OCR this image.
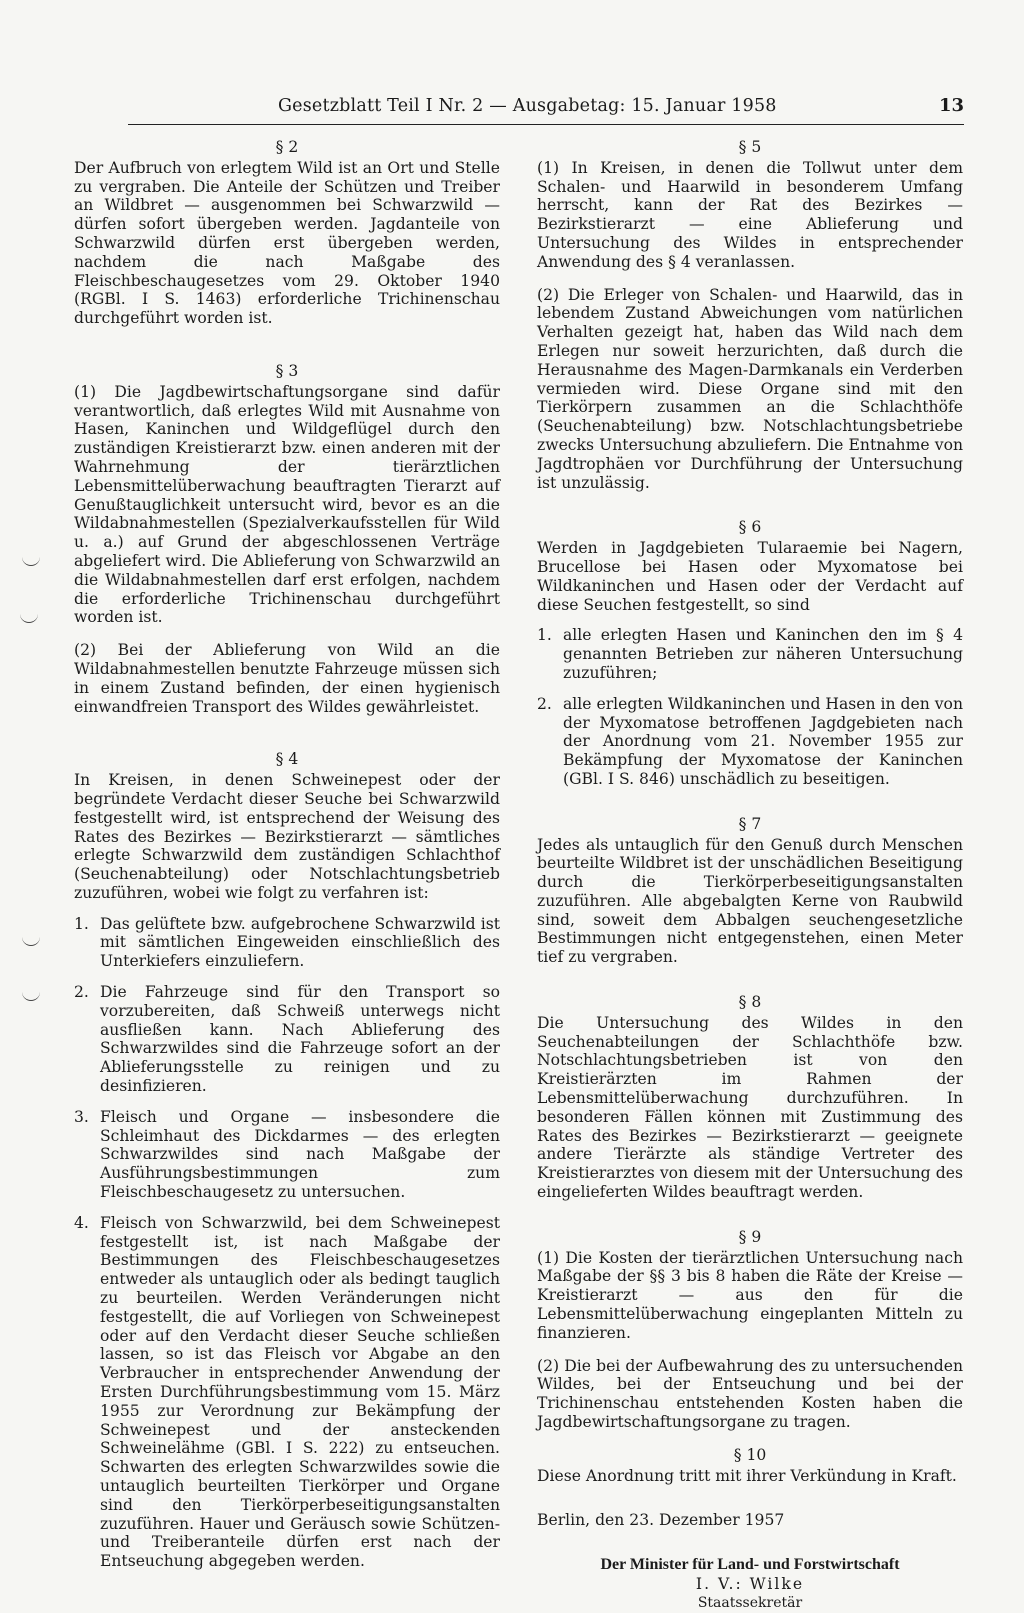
Gesetzblatt Teil I Nr. 2 — Ausgabetag: 15. Januar 1958	13
§ 2

Der Aufbruch von erlegtem Wild ist an Ort und Stelle zu vergraben. Die Anteile der Schützen und Treiber an Wildbret — ausgenommen bei Schwarzwild — dürfen sofort übergeben werden. Jagdanteile von Schwarzwild dürfen erst übergeben werden, nachdem die nach Maßgabe des Fleischbeschaugesetzes vom 29. Oktober 1940 (RGBl. I S. 1463) erforderliche Trichinenschau durchgeführt worden ist.

§ 3

(1) Die Jagdbewirtschaftungsorgane sind dafür verantwortlich, daß erlegtes Wild mit Ausnahme von Hasen, Kaninchen und Wildgeflügel durch den zuständigen Kreistierarzt bzw. einen anderen mit der Wahrnehmung der tierärztlichen Lebensmittelüberwachung beauftragten Tierarzt auf Genußtauglichkeit untersucht wird, bevor es an die Wildabnahmestellen (Spezialverkaufsstellen für Wild u. a.) auf Grund der abgeschlossenen Verträge abgeliefert wird. Die Ablieferung von Schwarzwild an die Wildabnahmestellen darf erst erfolgen, nachdem die erforderliche Trichinenschau durchgeführt worden ist.

(2) Bei der Ablieferung von Wild an die Wildabnahmestellen benutzte Fahrzeuge müssen sich in einem Zustand befinden, der einen hygienisch einwandfreien Transport des Wildes gewährleistet.

§ 4

In Kreisen, in denen Schweinepest oder der begründete Verdacht dieser Seuche bei Schwarzwild festgestellt wird, ist entsprechend der Weisung des Rates des Bezirkes — Bezirkstierarzt — sämtliches erlegte Schwarzwild dem zuständigen Schlachthof (Seuchenabteilung) oder Notschlachtungsbetrieb zuzuführen, wobei wie folgt zu verfahren ist:

1. Das gelüftete bzw. aufgebrochene Schwarzwild ist mit sämtlichen Eingeweiden einschließlich des Unterkiefers einzuliefern.
2. Die Fahrzeuge sind für den Transport so vorzubereiten, daß Schweiß unterwegs nicht ausfließen kann. Nach Ablieferung des Schwarzwildes sind die Fahrzeuge sofort an der Ablieferungsstelle zu reinigen und zu desinfizieren.
3. Fleisch und Organe — insbesondere die Schleimhaut des Dickdarmes — des erlegten Schwarzwildes sind nach Maßgabe der Ausführungsbestimmungen zum Fleischbeschaugesetz zu untersuchen.
4. Fleisch von Schwarzwild, bei dem Schweinepest festgestellt ist, ist nach Maßgabe der Bestimmungen des Fleischbeschaugesetzes entweder als untauglich oder als bedingt tauglich zu beurteilen. Werden Veränderungen nicht festgestellt, die auf Vorliegen von Schweinepest oder auf den Verdacht dieser Seuche schließen lassen, so ist das Fleisch vor Abgabe an den Verbraucher in entsprechender Anwendung der Ersten Durchführungsbestimmung vom 15. März 1955 zur Verordnung zur Bekämpfung der Schweinepest und der ansteckenden Schweinelähme (GBl. I S. 222) zu entseuchen. Schwarten des erlegten Schwarzwildes sowie die untauglich beurteilten Tierkörper und Organe sind den Tierkörperbeseitigungsanstalten zuzuführen. Hauer und Geräusch sowie Schützen- und Treiberanteile dürfen erst nach der Entseuchung abgegeben werden.
§ 5

(1) In Kreisen, in denen die Tollwut unter dem Schalen- und Haarwild in besonderem Umfang herrscht, kann der Rat des Bezirkes — Bezirkstierarzt — eine Ablieferung und Untersuchung des Wildes in entsprechender Anwendung des § 4 veranlassen.

(2) Die Erleger von Schalen- und Haarwild, das in lebendem Zustand Abweichungen vom natürlichen Verhalten gezeigt hat, haben das Wild nach dem Erlegen nur soweit herzurichten, daß durch die Herausnahme des Magen-Darmkanals ein Verderben vermieden wird. Diese Organe sind mit den Tierkörpern zusammen an die Schlachthöfe (Seuchenabteilung) bzw. Notschlachtungsbetriebe zwecks Untersuchung abzuliefern. Die Entnahme von Jagdtrophäen vor Durchführung der Untersuchung ist unzulässig.

§ 6

Werden in Jagdgebieten Tularaemie bei Nagern, Brucellose bei Hasen oder Myxomatose bei Wildkaninchen und Hasen oder der Verdacht auf diese Seuchen festgestellt, so sind

1. alle erlegten Hasen und Kaninchen den im § 4 genannten Betrieben zur näheren Untersuchung zuzuführen;
2. alle erlegten Wildkaninchen und Hasen in den von der Myxomatose betroffenen Jagdgebieten nach der Anordnung vom 21. November 1955 zur Bekämpfung der Myxomatose der Kaninchen (GBl. I S. 846) unschädlich zu beseitigen.
§ 7

Jedes als untauglich für den Genuß durch Menschen beurteilte Wildbret ist der unschädlichen Beseitigung durch die Tierkörperbeseitigungsanstalten zuzuführen. Alle abgebalgten Kerne von Raubwild sind, soweit dem Abbalgen seuchengesetzliche Bestimmungen nicht entgegenstehen, einen Meter tief zu vergraben.

§ 8

Die Untersuchung des Wildes in den Seuchenabteilungen der Schlachthöfe bzw. Notschlachtungsbetrieben ist von den Kreistierärzten im Rahmen der Lebensmittelüberwachung durchzuführen. In besonderen Fällen können mit Zustimmung des Rates des Bezirkes — Bezirkstierarzt — geeignete andere Tierärzte als ständige Vertreter des Kreistierarztes von diesem mit der Untersuchung des eingelieferten Wildes beauftragt werden.

§ 9

(1) Die Kosten der tierärztlichen Untersuchung nach Maßgabe der §§ 3 bis 8 haben die Räte der Kreise — Kreistierarzt — aus den für die Lebensmittelüberwachung eingeplanten Mitteln zu finanzieren.

(2) Die bei der Aufbewahrung des zu untersuchenden Wildes, bei der Entseuchung und bei der Trichinenschau entstehenden Kosten haben die Jagdbewirtschaftungsorgane zu tragen.

§ 10

Diese Anordnung tritt mit ihrer Verkündung in Kraft.

Berlin, den 23. Dezember 1957

Der Minister für Land- und Forstwirtschaft
I. V.: Wilke
Staatssekretär
